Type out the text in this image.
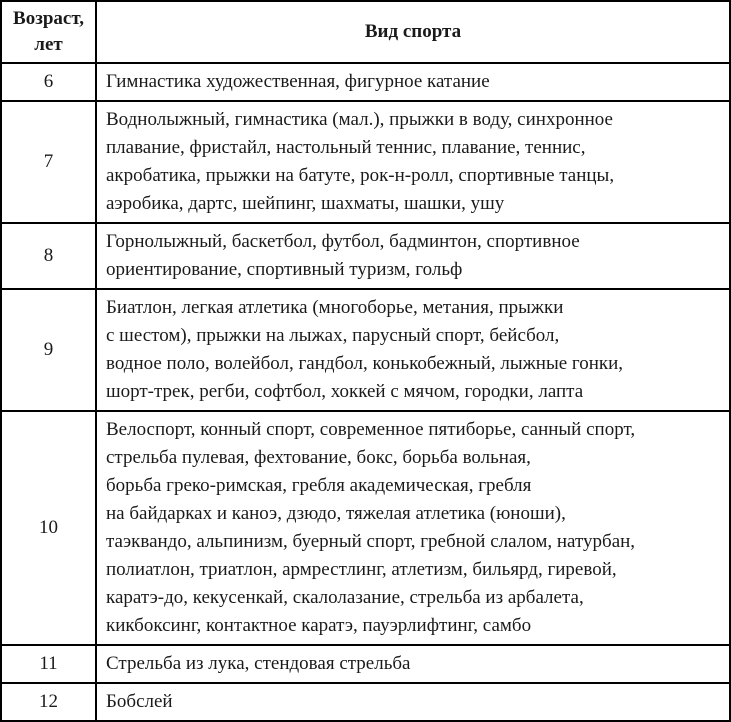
Возраст,
лет	Вид спорта
6	Гимнастика художественная, фигурное катание
7	Воднолыжный, гимнастика (мал.), прыжки в воду, синхронное
плавание, фристайл, настольный теннис, плавание, теннис,
акробатика, прыжки на батуте, рок-н-ролл, спортивные танцы,
аэробика, дартс, шейпинг, шахматы, шашки, ушу
8	Горнолыжный, баскетбол, футбол, бадминтон, спортивное
ориентирование, спортивный туризм, гольф
9	Биатлон, легкая атлетика (многоборье, метания, прыжки
с шестом), прыжки на лыжах, парусный спорт, бейсбол,
водное поло, волейбол, гандбол, конькобежный, лыжные гонки,
шорт-трек, регби, софтбол, хоккей с мячом, городки, лапта
10	Велоспорт, конный спорт, современное пятиборье, санный спорт,
стрельба пулевая, фехтование, бокс, борьба вольная,
борьба греко-римская, гребля академическая, гребля
на байдарках и каноэ, дзюдо, тяжелая атлетика (юноши),
таэквандо, альпинизм, буерный спорт, гребной слалом, натурбан,
полиатлон, триатлон, армрестлинг, атлетизм, бильярд, гиревой,
каратэ-до, кекусенкай, скалолазание, стрельба из арбалета,
кикбоксинг, контактное каратэ, пауэрлифтинг, самбо
11	Стрельба из лука, стендовая стрельба
12	Бобслей
